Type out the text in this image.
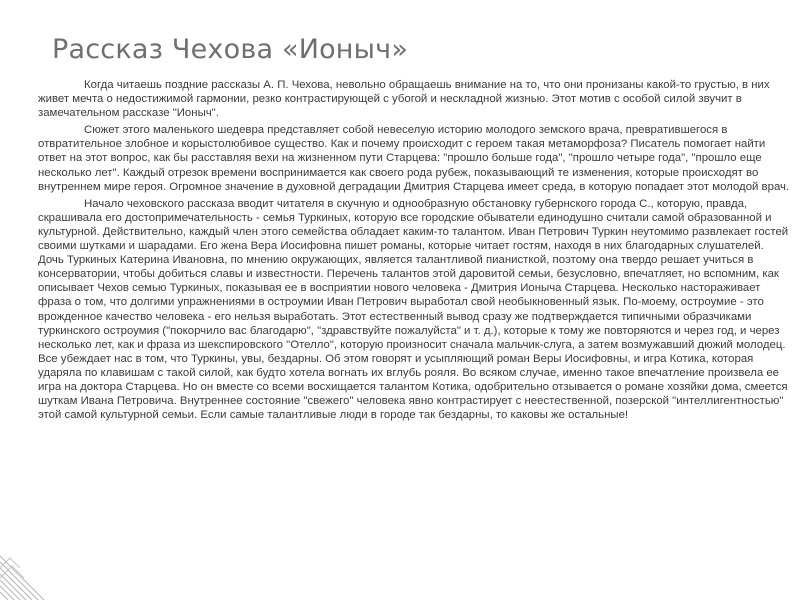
Рассказ Чехова «Ионыч»

Когда читаешь поздние рассказы А. П. Чехова, невольно обращаешь внимание на то, что они пронизаны какой-то грустью, в них живет мечта о недостижимой гармонии, резко контрастирующей с убогой и нескладной жизнью. Этот мотив с особой силой звучит в замечательном рассказе "Ионыч".

Сюжет этого маленького шедевра представляет собой невеселую историю молодого земского врача, превратившегося в отвратительное злобное и корыстолюбивое существо. Как и почему происходит с героем такая метаморфоза? Писатель помогает найти ответ на этот вопрос, как бы расставляя вехи на жизненном пути Старцева: "прошло больше года", "прошло четыре года", "прошло еще несколько лет". Каждый отрезок времени воспринимается как своего рода рубеж, показывающий те изменения, которые происходят во внутреннем мире героя. Огромное значение в духовной деградации Дмитрия Старцева имеет среда, в которую попадает этот молодой врач.

Начало чеховского рассказа вводит читателя в скучную и однообразную обстановку губернского города С., которую, правда, скрашивала его достопримечательность - семья Туркиных, которую все городские обыватели единодушно считали самой образованной и культурной. Действительно, каждый член этого семейства обладает каким-то талантом. Иван Петрович Туркин неутомимо развлекает гостей своими шутками и шарадами. Его жена Вера Иосифовна пишет романы, которые читает гостям, находя в них благодарных слушателей. Дочь Туркиных Катерина Ивановна, по мнению окружающих, является талантливой пианисткой, поэтому она твердо решает учиться в консерватории, чтобы добиться славы и известности. Перечень талантов этой даровитой семьи, безусловно, впечатляет, но вспомним, как описывает Чехов семью Туркиных, показывая ее в восприятии нового человека - Дмитрия Ионыча Старцева. Несколько настораживает фраза о том, что долгими упражнениями в остроумии Иван Петрович выработал свой необыкновенный язык. По-моему, остроумие - это врожденное качество человека - его нельзя выработать. Этот естественный вывод сразу же подтверждается типичными образчиками туркинского остроумия ("покорчило вас благодарю", "здравствуйте пожалуйста" и т. д.), которые к тому же повторяются и через год, и через несколько лет, как и фраза из шекспировского "Отелло", которую произносит сначала мальчик-слуга, а затем возмужавший дюжий молодец. Все убеждает нас в том, что Туркины, увы, бездарны. Об этом говорят и усыпляющий роман Веры Иосифовны, и игра Котика, которая ударяла по клавишам с такой силой, как будто хотела вогнать их вглубь рояля. Во всяком случае, именно такое впечатление произвела ее игра на доктора Старцева. Но он вместе со всеми восхищается талантом Котика, одобрительно отзывается о романе хозяйки дома, смеется шуткам Ивана Петровича. Внутреннее состояние "свежего" человека явно контрастирует с неестественной, позерской "интеллигентностью" этой самой культурной семьи. Если самые талантливые люди в городе так бездарны, то каковы же остальные!
